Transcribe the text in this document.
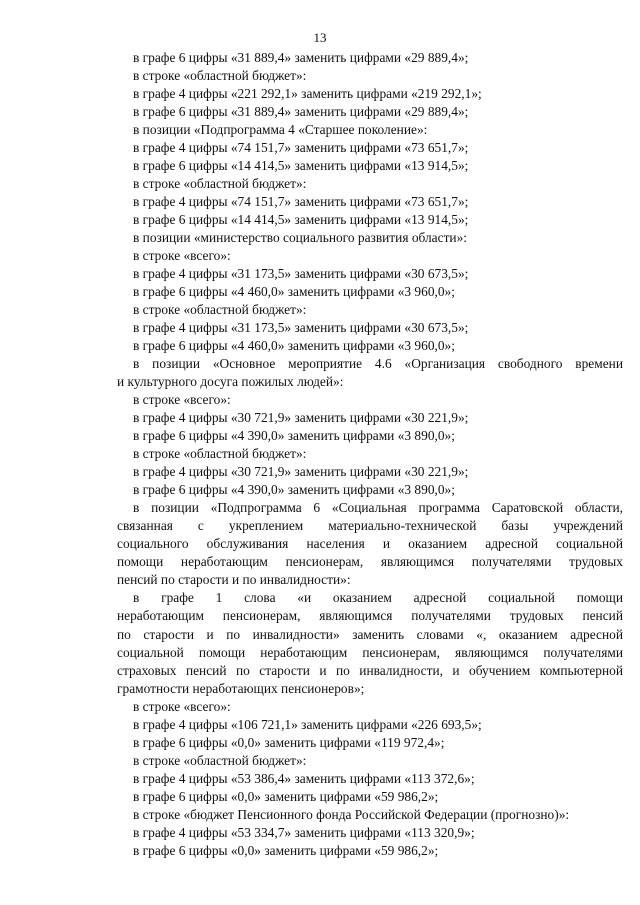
13
в графе 6 цифры «31 889,4» заменить цифрами «29 889,4»;
в строке «областной бюджет»:
в графе 4 цифры «221 292,1» заменить цифрами «219 292,1»;
в графе 6 цифры «31 889,4» заменить цифрами «29 889,4»;
в позиции «Подпрограмма 4 «Старшее поколение»:
в графе 4 цифры «74 151,7» заменить цифрами «73 651,7»;
в графе 6 цифры «14 414,5» заменить цифрами «13 914,5»;
в строке «областной бюджет»:
в графе 4 цифры «74 151,7» заменить цифрами «73 651,7»;
в графе 6 цифры «14 414,5» заменить цифрами «13 914,5»;
в позиции «министерство социального развития области»:
в строке «всего»:
в графе 4 цифры «31 173,5» заменить цифрами «30 673,5»;
в графе 6 цифры «4 460,0» заменить цифрами «3 960,0»;
в строке «областной бюджет»:
в графе 4 цифры «31 173,5» заменить цифрами «30 673,5»;
в графе 6 цифры «4 460,0» заменить цифрами «3 960,0»;
в позиции «Основное мероприятие 4.6 «Организация свободного времени
и культурного досуга пожилых людей»:
в строке «всего»:
в графе 4 цифры «30 721,9» заменить цифрами «30 221,9»;
в графе 6 цифры «4 390,0» заменить цифрами «3 890,0»;
в строке «областной бюджет»:
в графе 4 цифры «30 721,9» заменить цифрами «30 221,9»;
в графе 6 цифры «4 390,0» заменить цифрами «3 890,0»;
в позиции «Подпрограмма 6 «Социальная программа Саратовской области,
связанная с укреплением материально-технической базы учреждений
социального обслуживания населения и оказанием адресной социальной
помощи неработающим пенсионерам, являющимся получателями трудовых
пенсий по старости и по инвалидности»:
в графе 1 слова «и оказанием адресной социальной помощи
неработающим пенсионерам, являющимся получателями трудовых пенсий
по старости и по инвалидности» заменить словами «, оказанием адресной
социальной помощи неработающим пенсионерам, являющимся получателями
страховых пенсий по старости и по инвалидности, и обучением компьютерной
грамотности неработающих пенсионеров»;
в строке «всего»:
в графе 4 цифры «106 721,1» заменить цифрами «226 693,5»;
в графе 6 цифры «0,0» заменить цифрами «119 972,4»;
в строке «областной бюджет»:
в графе 4 цифры «53 386,4» заменить цифрами «113 372,6»;
в графе 6 цифры «0,0» заменить цифрами «59 986,2»;
в строке «бюджет Пенсионного фонда Российской Федерации (прогнозно)»:
в графе 4 цифры «53 334,7» заменить цифрами «113 320,9»;
в графе 6 цифры «0,0» заменить цифрами «59 986,2»;
